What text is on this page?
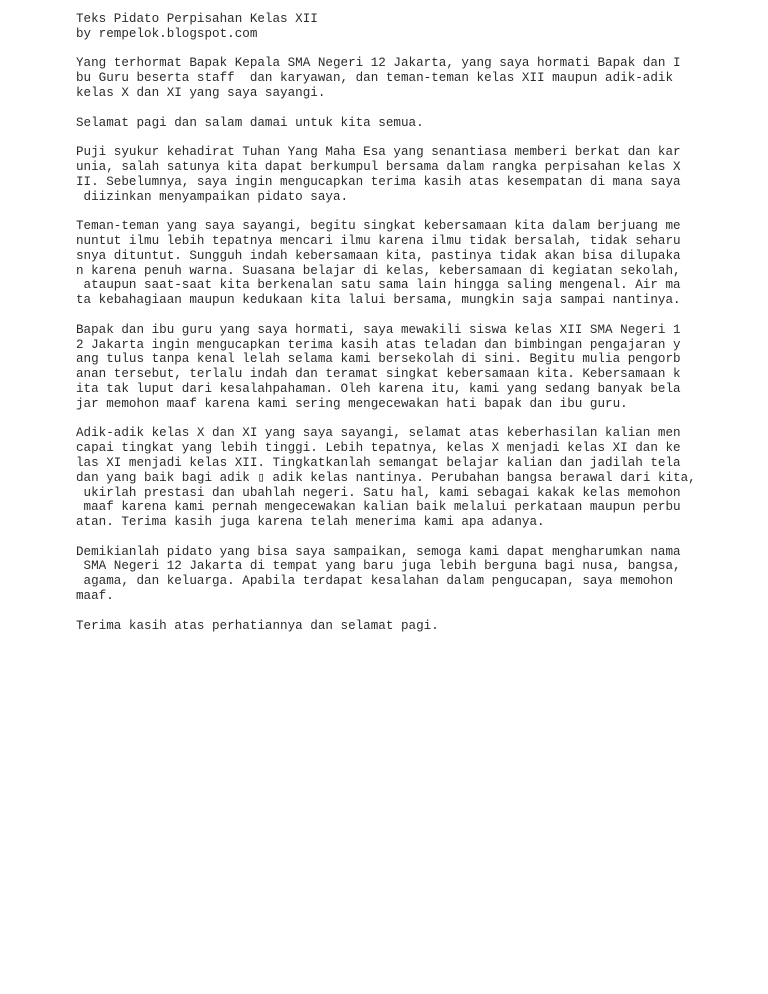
Teks Pidato Perpisahan Kelas XII
by rempelok.blogspot.com
Yang terhormat Bapak Kepala SMA Negeri 12 Jakarta, yang saya hormati Bapak dan I
bu Guru beserta staff  dan karyawan, dan teman-teman kelas XII maupun adik-adik
kelas X dan XI yang saya sayangi.
Selamat pagi dan salam damai untuk kita semua.
Puji syukur kehadirat Tuhan Yang Maha Esa yang senantiasa memberi berkat dan kar
unia, salah satunya kita dapat berkumpul bersama dalam rangka perpisahan kelas X
II. Sebelumnya, saya ingin mengucapkan terima kasih atas kesempatan di mana saya
diizinkan menyampaikan pidato saya.
Teman-teman yang saya sayangi, begitu singkat kebersamaan kita dalam berjuang me
nuntut ilmu lebih tepatnya mencari ilmu karena ilmu tidak bersalah, tidak seharu
snya dituntut. Sungguh indah kebersamaan kita, pastinya tidak akan bisa dilupaka
n karena penuh warna. Suasana belajar di kelas, kebersamaan di kegiatan sekolah,
ataupun saat-saat kita berkenalan satu sama lain hingga saling mengenal. Air ma
ta kebahagiaan maupun kedukaan kita lalui bersama, mungkin saja sampai nantinya.
Bapak dan ibu guru yang saya hormati, saya mewakili siswa kelas XII SMA Negeri 1
2 Jakarta ingin mengucapkan terima kasih atas teladan dan bimbingan pengajaran y
ang tulus tanpa kenal lelah selama kami bersekolah di sini. Begitu mulia pengorb
anan tersebut, terlalu indah dan teramat singkat kebersamaan kita. Kebersamaan k
ita tak luput dari kesalahpahaman. Oleh karena itu, kami yang sedang banyak bela
jar memohon maaf karena kami sering mengecewakan hati bapak dan ibu guru.
Adik-adik kelas X dan XI yang saya sayangi, selamat atas keberhasilan kalian men
capai tingkat yang lebih tinggi. Lebih tepatnya, kelas X menjadi kelas XI dan ke
las XI menjadi kelas XII. Tingkatkanlah semangat belajar kalian dan jadilah tela
dan yang baik bagi adik ▯ adik kelas nantinya. Perubahan bangsa berawal dari kita,
ukirlah prestasi dan ubahlah negeri. Satu hal, kami sebagai kakak kelas memohon
maaf karena kami pernah mengecewakan kalian baik melalui perkataan maupun perbu
atan. Terima kasih juga karena telah menerima kami apa adanya.
Demikianlah pidato yang bisa saya sampaikan, semoga kami dapat mengharumkan nama
SMA Negeri 12 Jakarta di tempat yang baru juga lebih berguna bagi nusa, bangsa,
agama, dan keluarga. Apabila terdapat kesalahan dalam pengucapan, saya memohon
maaf.
Terima kasih atas perhatiannya dan selamat pagi.
